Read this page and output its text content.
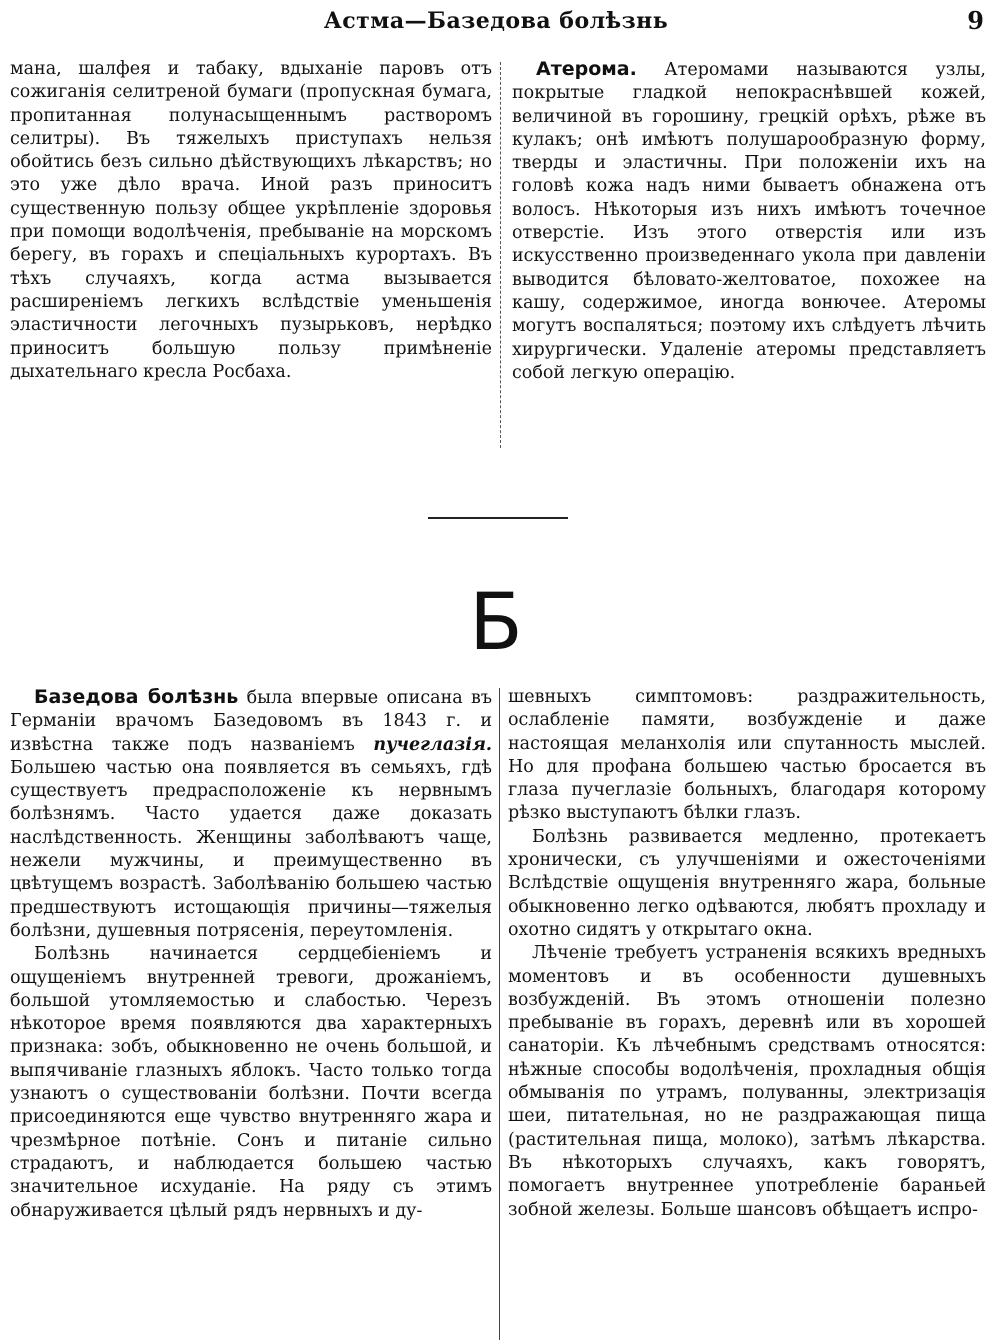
Астма—Базедова болѣзнь	9

мана, шалфея и табаку, вдыханіе паровъ отъ сожиганія селитреной бумаги (пропускная бумага, пропитанная полунасыщеннымъ растворомъ селитры). Въ тяжелыхъ приступахъ нельзя обойтись безъ сильно дѣйствующихъ лѣкарствъ; но это уже дѣло врача. Иной разъ приноситъ существенную пользу общее укрѣпленіе здоровья при помощи водолѣченія, пребываніе на морскомъ берегу, въ горахъ и спеціальныхъ курортахъ. Въ тѣхъ случаяхъ, когда астма вызывается расширеніемъ легкихъ вслѣдствіе уменьшенія эластичности легочныхъ пузырьковъ, нерѣдко приноситъ большую пользу примѣненіе дыхательнаго кресла Росбаха.

Атерома. Атеромами называются узлы, покрытые гладкой непокраснѣвшей кожей, величиной въ горошину, грецкій орѣхъ, рѣже въ кулакъ; онѣ имѣютъ полушарообразную форму, тверды и эластичны. При положеніи ихъ на головѣ кожа надъ ними бываетъ обнажена отъ волосъ. Нѣкоторыя изъ нихъ имѣютъ точечное отверстіе. Изъ этого отверстія или изъ искусственно произведеннаго укола при давленіи выводится бѣловато-желтоватое, похожее на кашу, содержимое, иногда вонючее. Атеромы могутъ воспаляться; поэтому ихъ слѣдуетъ лѣчить хирургически. Удаленіе атеромы представляетъ собой легкую операцію.

Б

Базедова болѣзнь была впервые описана въ Германіи врачомъ Базедовомъ въ 1843 г. и извѣстна также подъ названіемъ пучеглазія. Большею частью она появляется въ семьяхъ, гдѣ существуетъ предрасположеніе къ нервнымъ болѣзнямъ. Часто удается даже доказать наслѣдственность. Женщины заболѣваютъ чаще, нежели мужчины, и преимущественно въ цвѣтущемъ возрастѣ. Заболѣванію большею частью предшествуютъ истощающія причины—тяжелыя болѣзни, душевныя потрясенія, переутомленія.

Болѣзнь начинается сердцебіеніемъ и ощущеніемъ внутренней тревоги, дрожаніемъ, большой утомляемостью и слабостью. Черезъ нѣкоторое время появляются два характерныхъ признака: зобъ, обыкновенно не очень большой, и выпячиваніе глазныхъ яблокъ. Часто только тогда узнаютъ о существованіи болѣзни. Почти всегда присоединяются еще чувство внутренняго жара и чрезмѣрное потѣніе. Сонъ и питаніе сильно страдаютъ, и наблюдается большею частью значительное исхуданіе. На ряду съ этимъ обнаруживается цѣлый рядъ нервныхъ и ду-

шевныхъ симптомовъ: раздражительность, ослабленіе памяти, возбужденіе и даже настоящая меланхолія или спутанность мыслей. Но для профана большею частью бросается въ глаза пучеглазіе больныхъ, благодаря которому рѣзко выступаютъ бѣлки глазъ.

Болѣзнь развивается медленно, протекаетъ хронически, съ улучшеніями и ожесточеніями Вслѣдствіе ощущенія внутренняго жара, больные обыкновенно легко одѣваются, любятъ прохладу и охотно сидятъ у открытаго окна.

Лѣченіе требуетъ устраненія всякихъ вредныхъ моментовъ и въ особенности душевныхъ возбужденій. Въ этомъ отношеніи полезно пребываніе въ горахъ, деревнѣ или въ хорошей санаторіи. Къ лѣчебнымъ средствамъ относятся: нѣжные способы водолѣченія, прохладныя общія обмыванія по утрамъ, полуванны, электризація шеи, питательная, но не раздражающая пища (растительная пища, молоко), затѣмъ лѣкарства. Въ нѣкоторыхъ случаяхъ, какъ говорятъ, помогаетъ внутреннее употребленіе бараньей зобной железы. Больше шансовъ обѣщаетъ испро-
